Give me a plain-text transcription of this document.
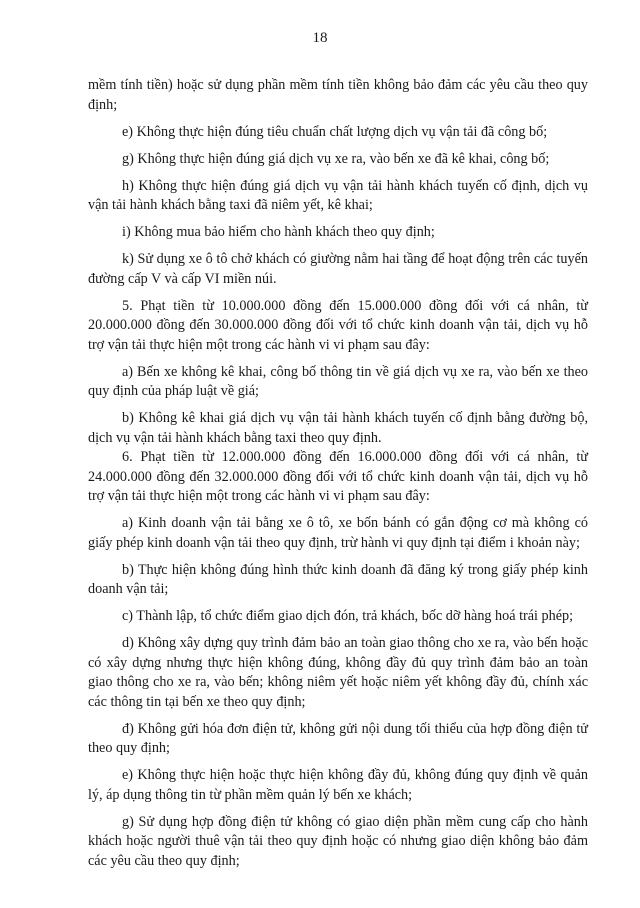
18

mềm tính tiền) hoặc sử dụng phần mềm tính tiền không bảo đảm các yêu cầu theo quy định;

e) Không thực hiện đúng tiêu chuẩn chất lượng dịch vụ vận tải đã công bố;

g) Không thực hiện đúng giá dịch vụ xe ra, vào bến xe đã kê khai, công bố;

h) Không thực hiện đúng giá dịch vụ vận tải hành khách tuyến cố định, dịch vụ vận tải hành khách bằng taxi đã niêm yết, kê khai;

i) Không mua bảo hiểm cho hành khách theo quy định;

k) Sử dụng xe ô tô chở khách có giường nằm hai tầng để hoạt động trên các tuyến đường cấp V và cấp VI miền núi.

5. Phạt tiền từ 10.000.000 đồng đến 15.000.000 đồng đối với cá nhân, từ 20.000.000 đồng đến 30.000.000 đồng đối với tổ chức kinh doanh vận tải, dịch vụ hỗ trợ vận tải thực hiện một trong các hành vi vi phạm sau đây:

a) Bến xe không kê khai, công bố thông tin về giá dịch vụ xe ra, vào bến xe theo quy định của pháp luật về giá;

b) Không kê khai giá dịch vụ vận tải hành khách tuyến cố định bằng đường bộ, dịch vụ vận tải hành khách bằng taxi theo quy định.

6. Phạt tiền từ 12.000.000 đồng đến 16.000.000 đồng đối với cá nhân, từ 24.000.000 đồng đến 32.000.000 đồng đối với tổ chức kinh doanh vận tải, dịch vụ hỗ trợ vận tải thực hiện một trong các hành vi vi phạm sau đây:

a) Kinh doanh vận tải bằng xe ô tô, xe bốn bánh có gắn động cơ mà không có giấy phép kinh doanh vận tải theo quy định, trừ hành vi quy định tại điểm i khoản này;

b) Thực hiện không đúng hình thức kinh doanh đã đăng ký trong giấy phép kinh doanh vận tải;

c) Thành lập, tổ chức điểm giao dịch đón, trả khách, bốc dỡ hàng hoá trái phép;

d) Không xây dựng quy trình đảm bảo an toàn giao thông cho xe ra, vào bến hoặc có xây dựng nhưng thực hiện không đúng, không đầy đủ quy trình đảm bảo an toàn giao thông cho xe ra, vào bến; không niêm yết hoặc niêm yết không đầy đủ, chính xác các thông tin tại bến xe theo quy định;

đ) Không gửi hóa đơn điện tử, không gửi nội dung tối thiểu của hợp đồng điện tử theo quy định;

e) Không thực hiện hoặc thực hiện không đầy đủ, không đúng quy định về quản lý, áp dụng thông tin từ phần mềm quản lý bến xe khách;

g) Sử dụng hợp đồng điện tử không có giao diện phần mềm cung cấp cho hành khách hoặc người thuê vận tải theo quy định hoặc có nhưng giao diện không bảo đảm các yêu cầu theo quy định;
